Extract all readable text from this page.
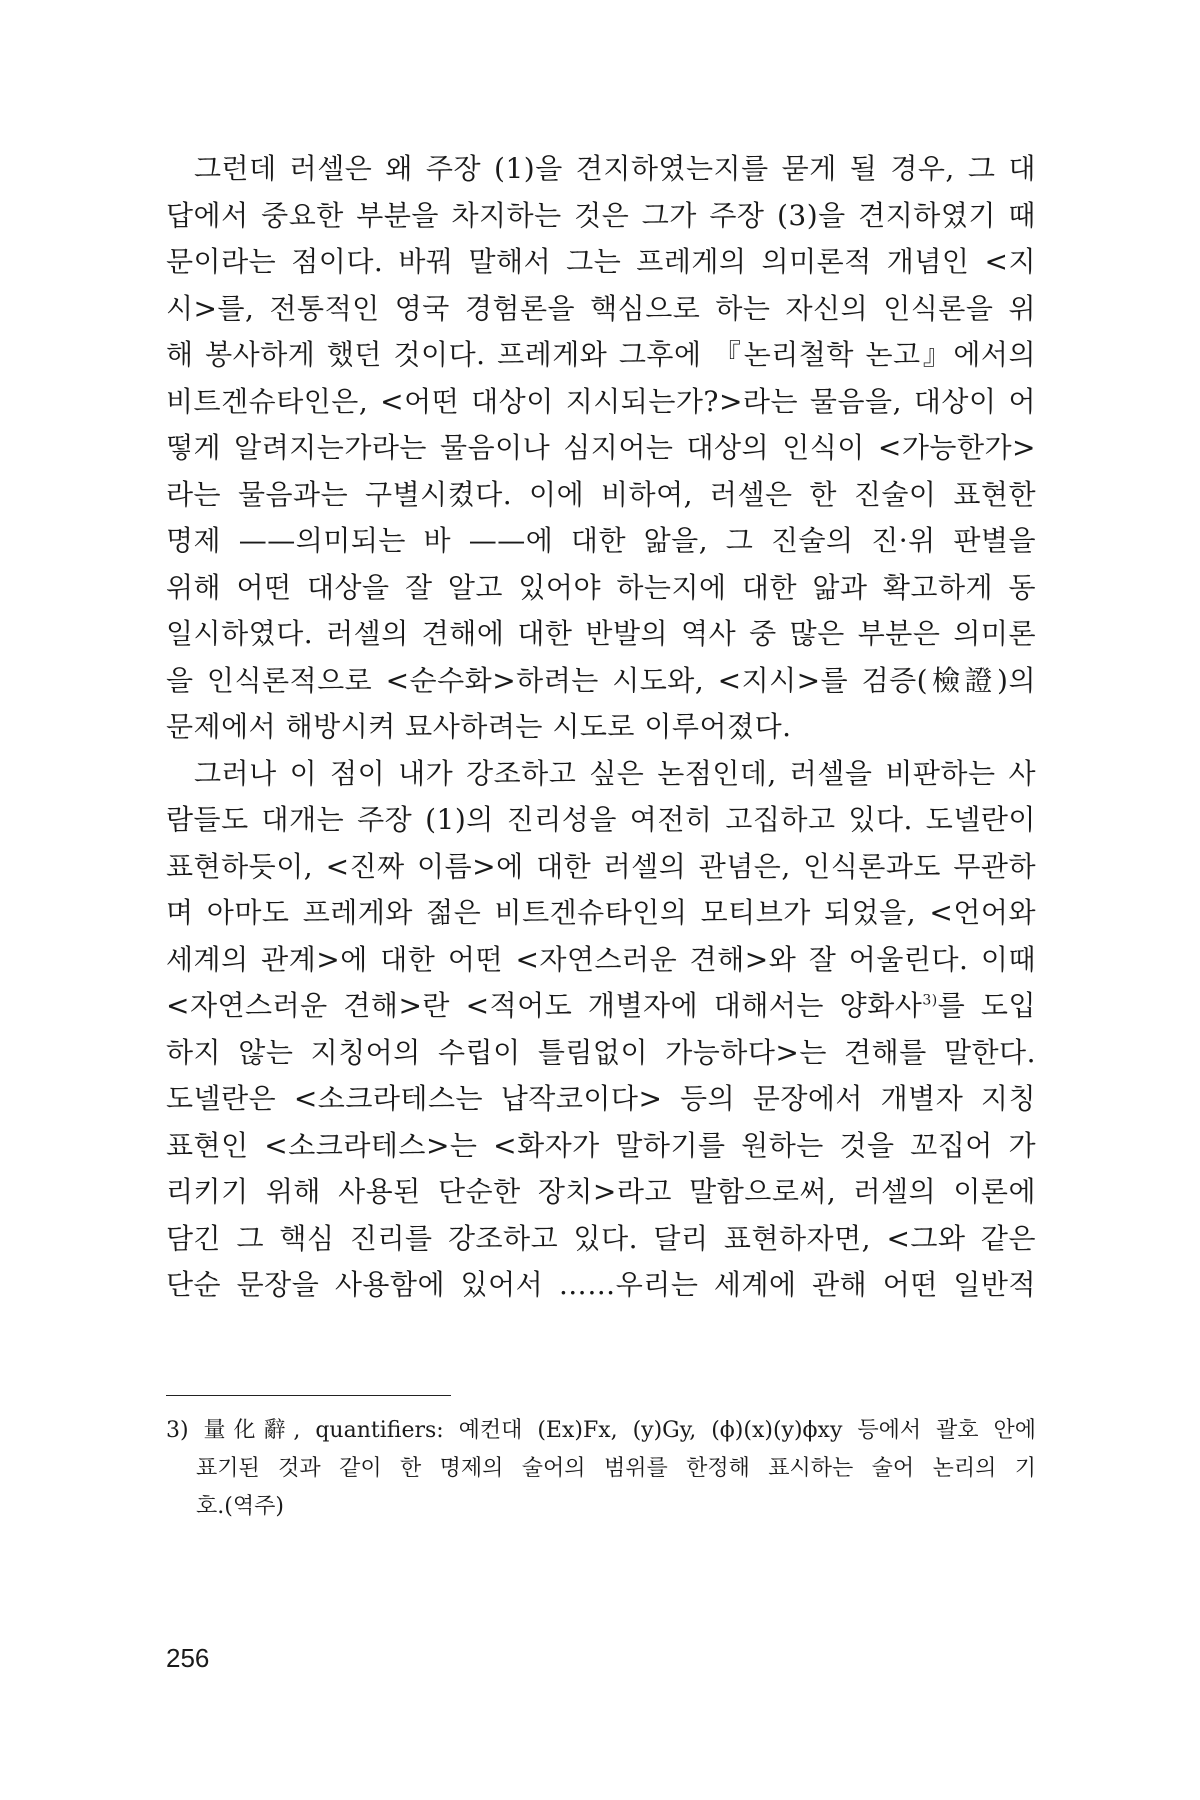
그런데 러셀은 왜 주장 (1)을 견지하였는지를 묻게 될 경우, 그 대
답에서 중요한 부분을 차지하는 것은 그가 주장 (3)을 견지하였기 때
문이라는 점이다. 바꿔 말해서 그는 프레게의 의미론적 개념인 <지
시>를, 전통적인 영국 경험론을 핵심으로 하는 자신의 인식론을 위
해 봉사하게 했던 것이다. 프레게와 그후에 『논리철학 논고』에서의
비트겐슈타인은, <어떤 대상이 지시되는가?>라는 물음을, 대상이 어
떻게 알려지는가라는 물음이나 심지어는 대상의 인식이 <가능한가>
라는 물음과는 구별시켰다. 이에 비하여, 러셀은 한 진술이 표현한
명제 ——의미되는 바 ——에 대한 앎을, 그 진술의 진·위 판별을
위해 어떤 대상을 잘 알고 있어야 하는지에 대한 앎과 확고하게 동
일시하였다. 러셀의 견해에 대한 반발의 역사 중 많은 부분은 의미론
을 인식론적으로 <순수화>하려는 시도와, <지시>를 검증(檢證)의
문제에서 해방시켜 묘사하려는 시도로 이루어졌다.
그러나 이 점이 내가 강조하고 싶은 논점인데, 러셀을 비판하는 사
람들도 대개는 주장 (1)의 진리성을 여전히 고집하고 있다. 도넬란이
표현하듯이, <진짜 이름>에 대한 러셀의 관념은, 인식론과도 무관하
며 아마도 프레게와 젊은 비트겐슈타인의 모티브가 되었을, <언어와
세계의 관계>에 대한 어떤 <자연스러운 견해>와 잘 어울린다. 이때
<자연스러운 견해>란 <적어도 개별자에 대해서는 양화사$^{3)}$를 도입
하지 않는 지칭어의 수립이 틀림없이 가능하다>는 견해를 말한다.
도넬란은 <소크라테스는 납작코이다> 등의 문장에서 개별자 지칭
표현인 <소크라테스>는 <화자가 말하기를 원하는 것을 꼬집어 가
리키기 위해 사용된 단순한 장치>라고 말함으로써, 러셀의 이론에
담긴 그 핵심 진리를 강조하고 있다. 달리 표현하자면, <그와 같은
단순 문장을 사용함에 있어서 ……우리는 세계에 관해 어떤 일반적
3) 量化辭, quantifiers: 예컨대 (Ex)Fx, (y)Gy, (ϕ)(x)(y)ϕxy 등에서 괄호 안에
표기된 것과 같이 한 명제의 술어의 범위를 한정해 표시하는 술어 논리의 기
호.(역주)
256
